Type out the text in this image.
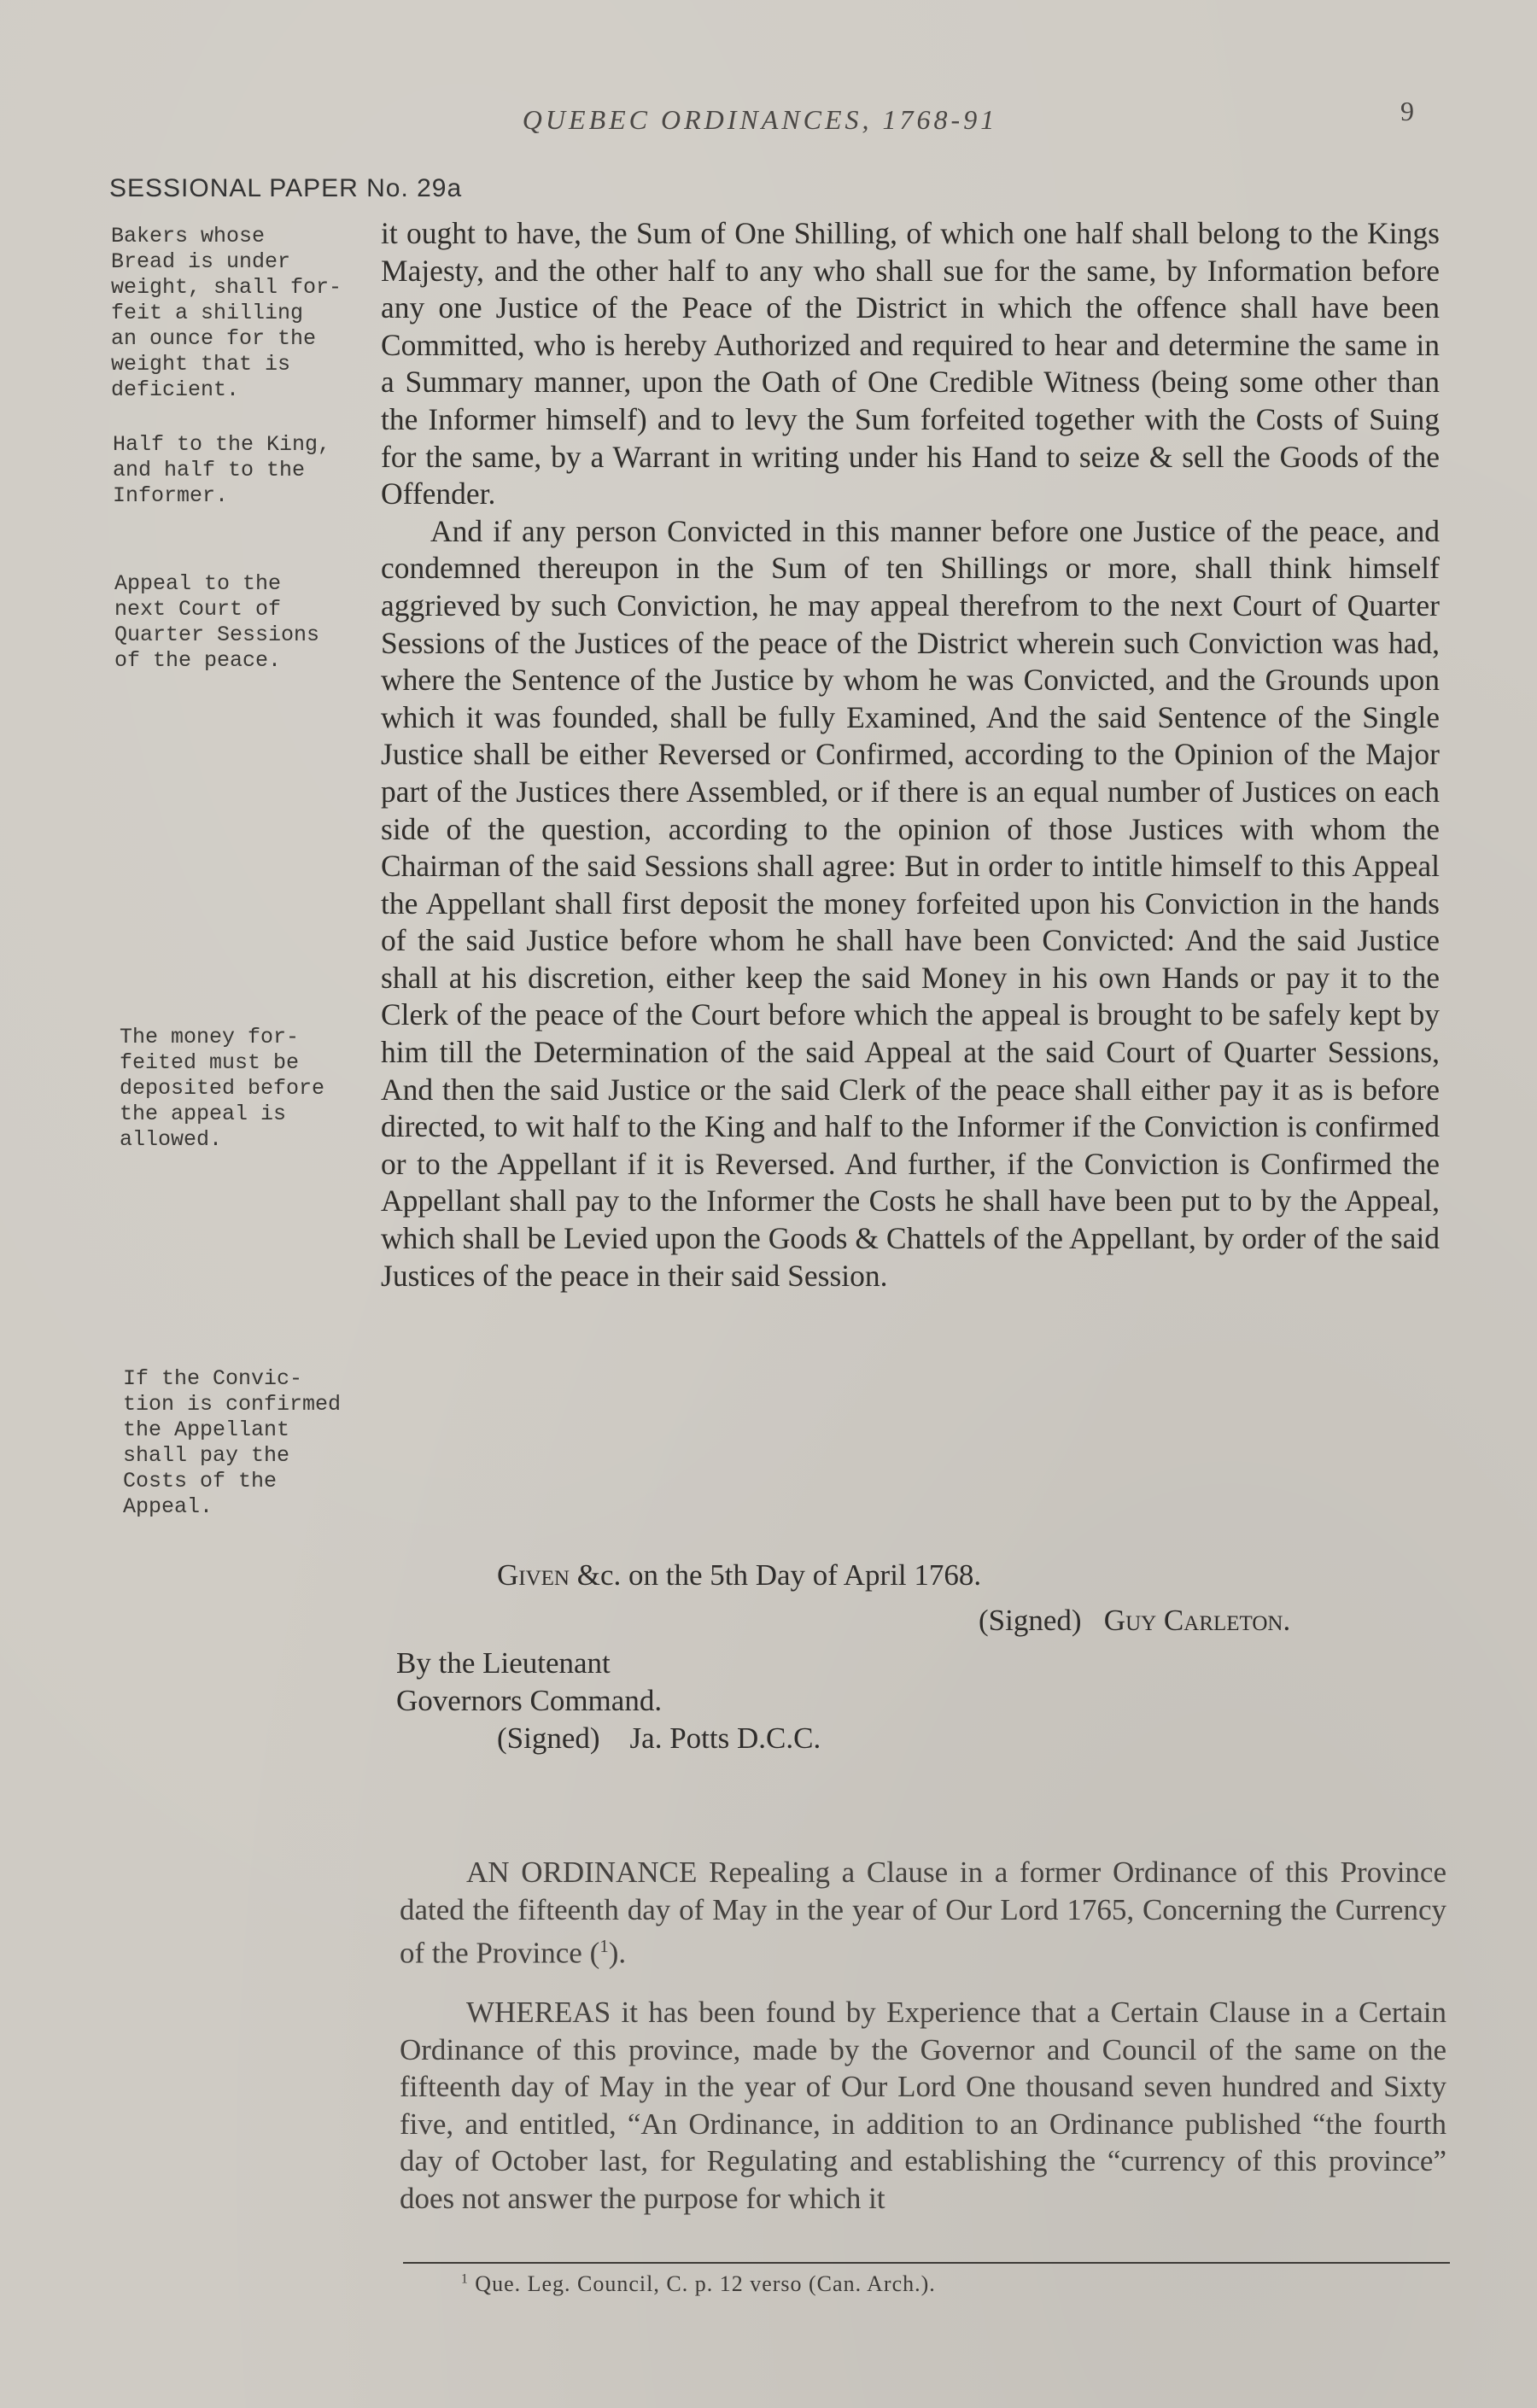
QUEBEC ORDINANCES, 1768-91	9
SESSIONAL PAPER No. 29a
Bakers whose
Bread is under
weight, shall for-
feit a shilling
an ounce for the
weight that is
deficient.
Half to the King,
and half to the
Informer.
Appeal to the
next Court of
Quarter Sessions
of the peace.
The money for-
feited must be
deposited before
the appeal is
allowed.
If the Convic-
tion is confirmed
the Appellant
shall pay the
Costs of the
Appeal.

it ought to have, the Sum of One Shilling, of which one half shall belong to the Kings Majesty, and the other half to any who shall sue for the same, by Information before any one Justice of the Peace of the District in which the offence shall have been Committed, who is hereby Authorized and required to hear and determine the same in a Summary manner, upon the Oath of One Credible Witness (being some other than the Informer himself) and to levy the Sum forfeited together with the Costs of Suing for the same, by a Warrant in writing under his Hand to seize & sell the Goods of the Offender.

And if any person Convicted in this manner before one Justice of the peace, and condemned thereupon in the Sum of ten Shillings or more, shall think himself aggrieved by such Conviction, he may appeal therefrom to the next Court of Quarter Sessions of the Justices of the peace of the District wherein such Conviction was had, where the Sentence of the Justice by whom he was Convicted, and the Grounds upon which it was founded, shall be fully Examined, And the said Sentence of the Single Justice shall be either Reversed or Confirmed, according to the Opinion of the Major part of the Justices there Assembled, or if there is an equal number of Justices on each side of the question, according to the opinion of those Justices with whom the Chairman of the said Sessions shall agree: But in order to intitle himself to this Appeal the Appellant shall first deposit the money forfeited upon his Conviction in the hands of the said Justice before whom he shall have been Convicted: And the said Justice shall at his discretion, either keep the said Money in his own Hands or pay it to the Clerk of the peace of the Court before which the appeal is brought to be safely kept by him till the Determination of the said Appeal at the said Court of Quarter Sessions, And then the said Justice or the said Clerk of the peace shall either pay it as is before directed, to wit half to the King and half to the Informer if the Conviction is confirmed or to the Appellant if it is Reversed. And further, if the Conviction is Confirmed the Appellant shall pay to the Informer the Costs he shall have been put to by the Appeal, which shall be Levied upon the Goods & Chattels of the Appellant, by order of the said Justices of the peace in their said Session.

Given &c. on the 5th Day of April 1768.
(Signed) Guy Carleton.
By the Lieutenant
Governors Command.
(Signed)    Ja. Potts D.C.C.

AN ORDINANCE Repealing a Clause in a former Ordinance of this Province dated the fifteenth day of May in the year of Our Lord 1765, Concerning the Currency of the Province ($^1$).

WHEREAS it has been found by Experience that a Certain Clause in a Certain Ordinance of this province, made by the Governor and Council of the same on the fifteenth day of May in the year of Our Lord One thousand seven hundred and Sixty five, and entitled, “An Ordinance, in addition to an Ordinance published “the fourth day of October last, for Regulating and establishing the “currency of this province” does not answer the purpose for which it

$^1$ Que. Leg. Council, C. p. 12 verso (Can. Arch.).
